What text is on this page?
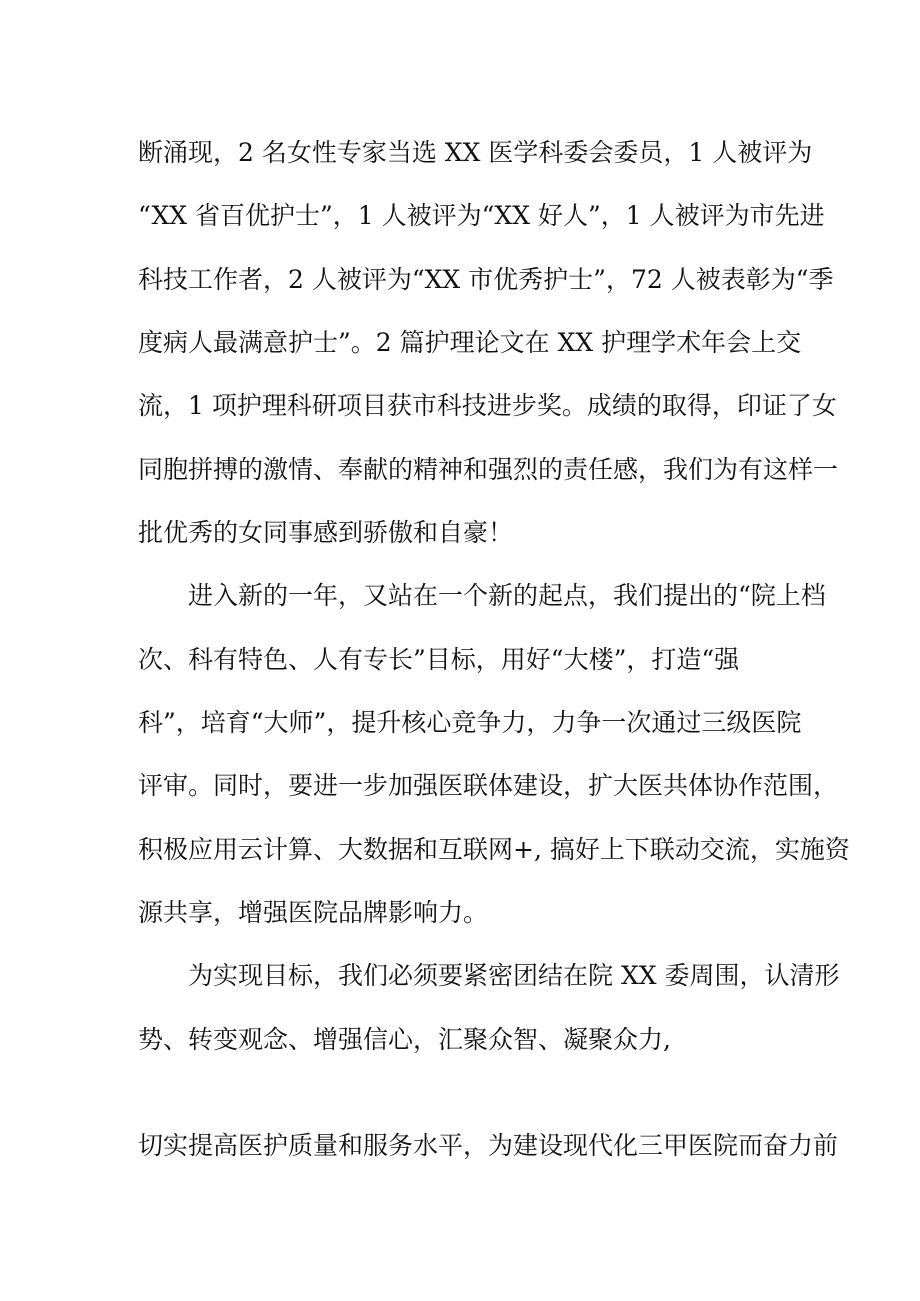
断涌现，2 名女性专家当选 XX 医学科委会委员，1 人被评为
“XX 省百优护士”，1 人被评为“XX 好人”，1 人被评为市先进
科技工作者，2 人被评为“XX 市优秀护士”，72 人被表彰为“季
度病人最满意护士”。2 篇护理论文在 XX 护理学术年会上交
流，1 项护理科研项目获市科技进步奖。成绩的取得，印证了女
同胞拼搏的激情、奉献的精神和强烈的责任感，我们为有这样一
批优秀的女同事感到骄傲和自豪！
进入新的一年，又站在一个新的起点，我们提出的“院上档
次、科有特色、人有专长”目标，用好“大楼”，打造“强
科”，培育“大师”，提升核心竞争力，力争一次通过三级医院
评审。同时，要进一步加强医联体建设，扩大医共体协作范围，
积极应用云计算、大数据和互联网+, 搞好上下联动交流，实施资
源共享，增强医院品牌影响力。
为实现目标，我们必须要紧密团结在院 XX 委周围，认清形
势、转变观念、增强信心，汇聚众智、凝聚众力,
切实提高医护质量和服务水平，为建设现代化三甲医院而奋力前
